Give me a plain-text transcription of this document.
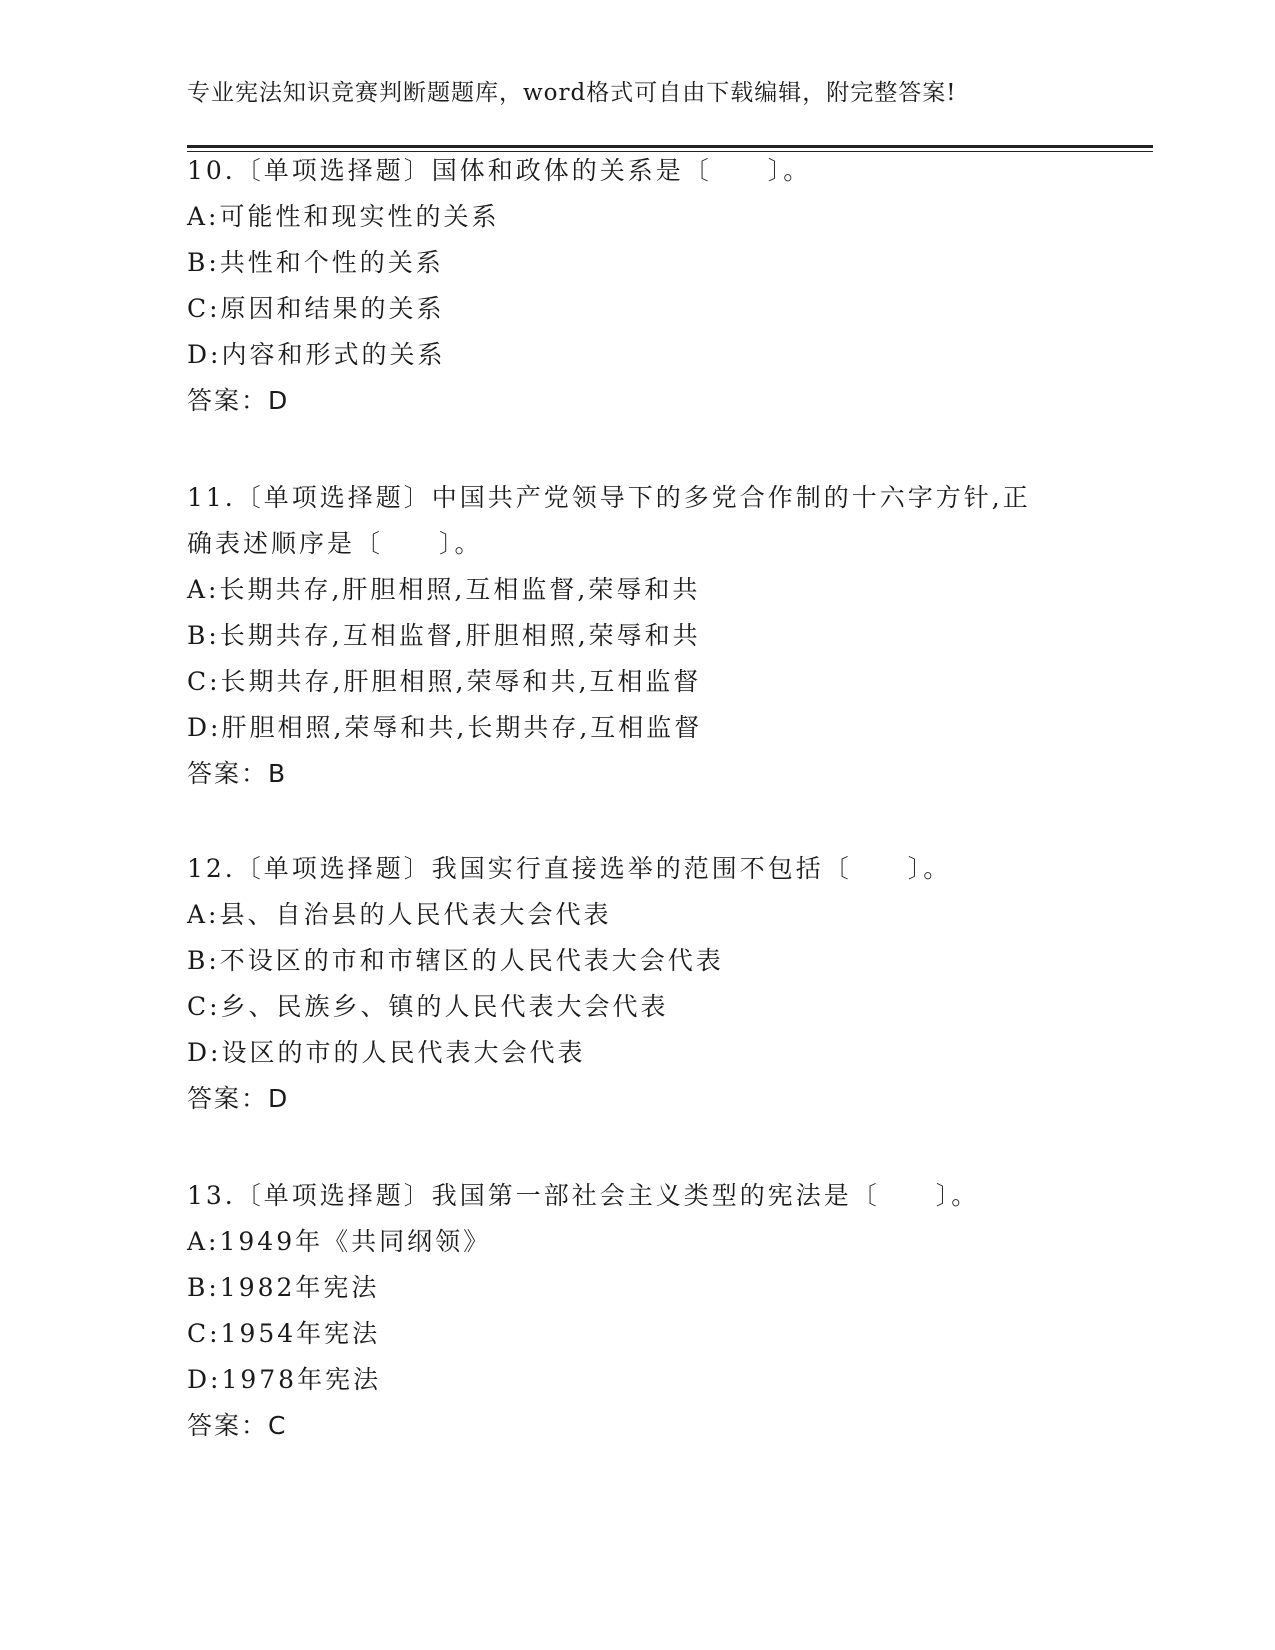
专业宪法知识竞赛判断题题库，word格式可自由下载编辑，附完整答案!
10.〔单项选择题〕国体和政体的关系是〔　　〕。
A:可能性和现实性的关系
B:共性和个性的关系
C:原因和结果的关系
D:内容和形式的关系
答案：D
11.〔单项选择题〕中国共产党领导下的多党合作制的十六字方针,正
确表述顺序是〔　　〕。
A:长期共存,肝胆相照,互相监督,荣辱和共
B:长期共存,互相监督,肝胆相照,荣辱和共
C:长期共存,肝胆相照,荣辱和共,互相监督
D:肝胆相照,荣辱和共,长期共存,互相监督
答案：B
12.〔单项选择题〕我国实行直接选举的范围不包括〔　　〕。
A:县、自治县的人民代表大会代表
B:不设区的市和市辖区的人民代表大会代表
C:乡、民族乡、镇的人民代表大会代表
D:设区的市的人民代表大会代表
答案：D
13.〔单项选择题〕我国第一部社会主义类型的宪法是〔　　〕。
A:1949年《共同纲领》
B:1982年宪法
C:1954年宪法
D:1978年宪法
答案：C
